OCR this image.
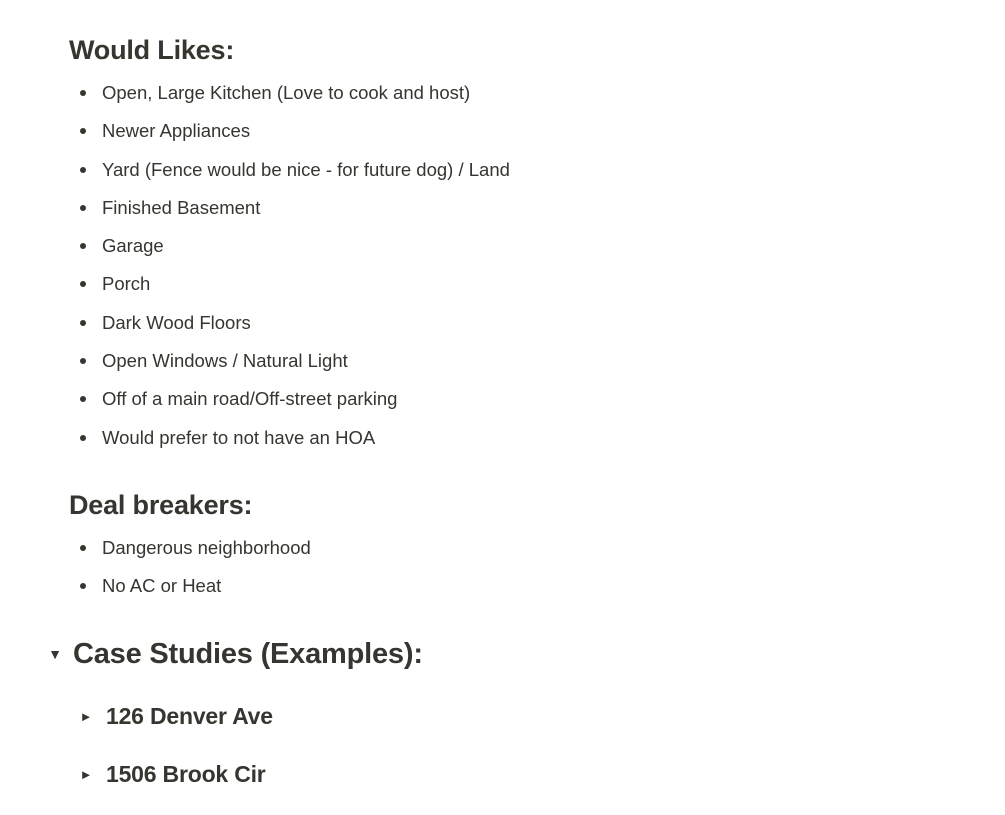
Would Likes:
Open, Large Kitchen (Love to cook and host)
Newer Appliances
Yard (Fence would be nice - for future dog) / Land
Finished Basement
Garage
Porch
Dark Wood Floors
Open Windows / Natural Light
Off of a main road/Off-street parking
Would prefer to not have an HOA
Deal breakers:
Dangerous neighborhood
No AC or Heat
▼ Case Studies (Examples):
► 126 Denver Ave
► 1506 Brook Cir
